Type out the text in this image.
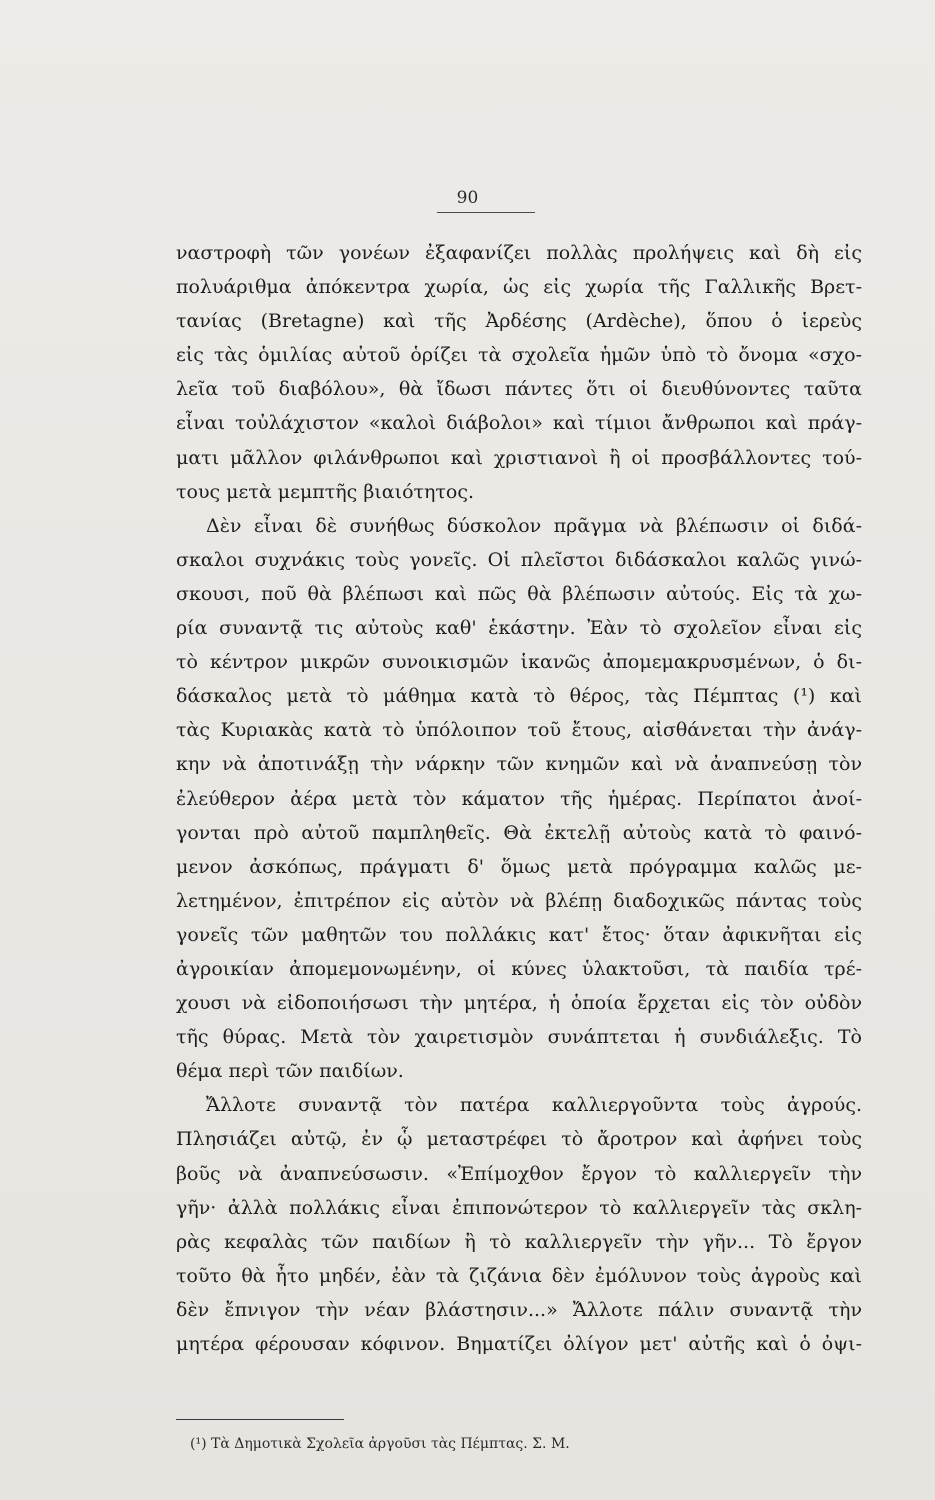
90
ναστροφὴ τῶν γονέων ἐξαφανίζει πολλὰς προλήψεις καὶ δὴ εἰς
πολυάριθμα ἀπόκεντρα χωρία, ὡς εἰς χωρία τῆς Γαλλικῆς Βρετ-
τανίας (Bretagne) καὶ τῆς Ἀρδέσης (Ardèche), ὅπου ὁ ἱερεὺς
εἰς τὰς ὁμιλίας αὐτοῦ ὁρίζει τὰ σχολεῖα ἡμῶν ὑπὸ τὸ ὄνομα «σχο-
λεῖα τοῦ διαβόλου», θὰ ἴδωσι πάντες ὅτι οἱ διευθύνοντες ταῦτα
εἶναι τοὐλάχιστον «καλοὶ διάβολοι» καὶ τίμιοι ἄνθρωποι καὶ πράγ-
ματι μᾶλλον φιλάνθρωποι καὶ χριστιανοὶ ἢ οἱ προσβάλλοντες τού-
τους μετὰ μεμπτῆς βιαιότητος.
Δὲν εἶναι δὲ συνήθως δύσκολον πρᾶγμα νὰ βλέπωσιν οἱ διδά-
σκαλοι συχνάκις τοὺς γονεῖς. Οἱ πλεῖστοι διδάσκαλοι καλῶς γινώ-
σκουσι, ποῦ θὰ βλέπωσι καὶ πῶς θὰ βλέπωσιν αὐτούς. Εἰς τὰ χω-
ρία συναντᾷ τις αὐτοὺς καθ' ἑκάστην. Ἐὰν τὸ σχολεῖον εἶναι εἰς
τὸ κέντρον μικρῶν συνοικισμῶν ἱκανῶς ἀπομεμακρυσμένων, ὁ δι-
δάσκαλος μετὰ τὸ μάθημα κατὰ τὸ θέρος, τὰς Πέμπτας (¹) καὶ
τὰς Κυριακὰς κατὰ τὸ ὑπόλοιπον τοῦ ἔτους, αἰσθάνεται τὴν ἀνάγ-
κην νὰ ἀποτινάξῃ τὴν νάρκην τῶν κνημῶν καὶ νὰ ἀναπνεύσῃ τὸν
ἐλεύθερον ἀέρα μετὰ τὸν κάματον τῆς ἡμέρας. Περίπατοι ἀνοί-
γονται πρὸ αὐτοῦ παμπληθεῖς. Θὰ ἐκτελῇ αὐτοὺς κατὰ τὸ φαινό-
μενον ἀσκόπως, πράγματι δ' ὅμως μετὰ πρόγραμμα καλῶς με-
λετημένον, ἐπιτρέπον εἰς αὐτὸν νὰ βλέπῃ διαδοχικῶς πάντας τοὺς
γονεῖς τῶν μαθητῶν του πολλάκις κατ' ἔτος· ὅταν ἀφικνῆται εἰς
ἀγροικίαν ἀπομεμονωμένην, οἱ κύνες ὑλακτοῦσι, τὰ παιδία τρέ-
χουσι νὰ εἰδοποιήσωσι τὴν μητέρα, ἡ ὁποία ἔρχεται εἰς τὸν οὐδὸν
τῆς θύρας. Μετὰ τὸν χαιρετισμὸν συνάπτεται ἡ συνδιάλεξις. Τὸ
θέμα περὶ τῶν παιδίων.
Ἄλλοτε συναντᾷ τὸν πατέρα καλλιεργοῦντα τοὺς ἀγρούς.
Πλησιάζει αὐτῷ, ἐν ᾧ μεταστρέφει τὸ ἄροτρον καὶ ἀφήνει τοὺς
βοῦς νὰ ἀναπνεύσωσιν. «Ἐπίμοχθον ἔργον τὸ καλλιεργεῖν τὴν
γῆν· ἀλλὰ πολλάκις εἶναι ἐπιπονώτερον τὸ καλλιεργεῖν τὰς σκλη-
ρὰς κεφαλὰς τῶν παιδίων ἢ τὸ καλλιεργεῖν τὴν γῆν... Τὸ ἔργον
τοῦτο θὰ ἦτο μηδέν, ἐὰν τὰ ζιζάνια δὲν ἐμόλυνον τοὺς ἀγροὺς καὶ
δὲν ἔπνιγον τὴν νέαν βλάστησιν...» Ἄλλοτε πάλιν συναντᾷ τὴν
μητέρα φέρουσαν κόφινον. Βηματίζει ὀλίγον μετ' αὐτῆς καὶ ὁ ὀψι-
(¹) Τὰ Δημοτικὰ Σχολεῖα ἀργοῦσι τὰς Πέμπτας. Σ. Μ.
